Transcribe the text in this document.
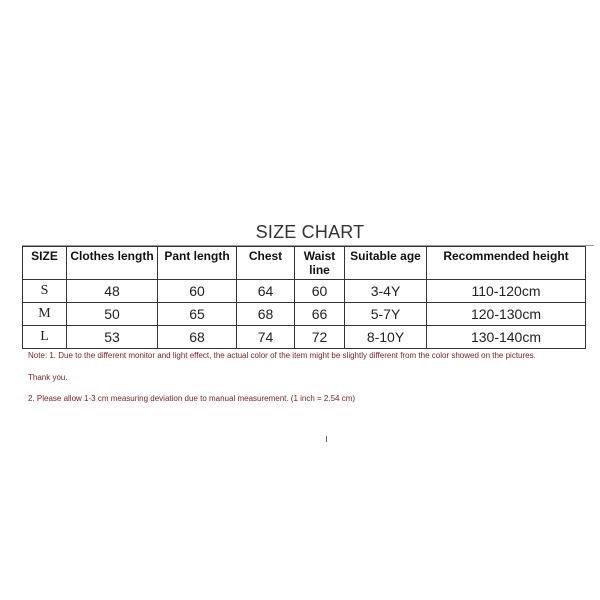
SIZE CHART
SIZE	Clothes length	Pant length	Chest	Waist line	Suitable age	Recommended height
S	48	60	64	60	3-4Y	110-120cm
M	50	65	68	66	5-7Y	120-130cm
L	53	68	74	72	8-10Y	130-140cm
Note: 1. Due to the different monitor and light effect, the actual color of the item might be slightly different from the color showed on the pictures.
Thank you.
2. Please allow 1-3 cm measuring deviation due to manual measurement. (1 inch = 2.54 cm)
